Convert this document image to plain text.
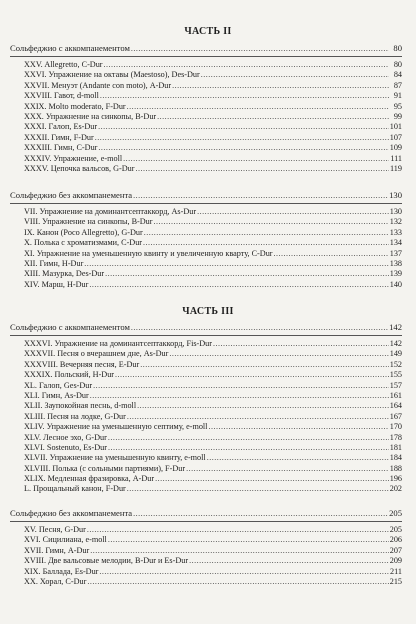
ЧАСТЬ II
Сольфеджио с аккомпанементом .....	80
XXV. Allegretto, C-Dur .....	80
XXVI. Упражнение на октавы (Maestoso), Des-Dur .....	84
XXVII. Менуэт (Andante con moto), A-Dur .....	87
XXVIII. Гавот, d-moll .....	91
XXIX. Molto moderato, F-Dur .....	95
XXX. Упражнение на синкопы, B-Dur .....	99
XXXI. Галоп, Es-Dur .....	101
XXXII. Гимн, F-Dur .....	107
XXXIII. Гимн, C-Dur .....	109
XXXIV. Упражнение, e-moll .....	111
XXXV. Цепочка вальсов, G-Dur .....	119
Сольфеджио без аккомпанемента .....	130
VII. Упражнение на доминантсептаккорд, As-Dur .....	130
VIII. Упражнение на синкопы, B-Dur .....	132
IX. Канон (Poco Allegretto), G-Dur .....	133
X. Полька с хроматизмами, C-Dur .....	134
XI. Упражнение на уменьшенную квинту и увеличенную кварту, C-Dur .....	137
XII. Гимн, H-Dur .....	138
XIII. Мазурка, Des-Dur .....	139
XIV. Марш, H-Dur .....	140
ЧАСТЬ III
Сольфеджио с аккомпанементом .....	142
XXXVI. Упражнение на доминантсептаккорд, Fis-Dur .....	142
XXXVII. Песня о вчерашнем дне, As-Dur .....	149
XXXVIII. Вечерняя песня, E-Dur .....	152
XXXIX. Польский, H-Dur .....	155
XL. Галоп, Ges-Dur .....	157
XLI. Гимн, As-Dur .....	161
XLII. Заупокойная песнь, d-moll .....	164
XLIII. Песня на лодке, G-Dur .....	167
XLIV. Упражнение на уменьшенную септиму, e-moll .....	170
XLV. Лесное эхо, G-Dur .....	178
XLVI. Sostenuto, Es-Dur .....	181
XLVII. Упражнение на уменьшенную квинту, e-moll .....	184
XLVIII. Полька (с сольными партиями), F-Dur .....	188
XLIX. Медленная фразировка, A-Dur .....	196
L. Прощальный канон, F-Dur .....	202
Сольфеджио без аккомпанемента .....	205
XV. Песня, G-Dur .....	205
XVI. Сицилиана, e-moll .....	206
XVII. Гимн, A-Dur .....	207
XVIII. Две вальсовые мелодии, B-Dur и Es-Dur .....	209
XIX. Баллада, Es-Dur .....	211
XX. Хорал, C-Dur .....	215
